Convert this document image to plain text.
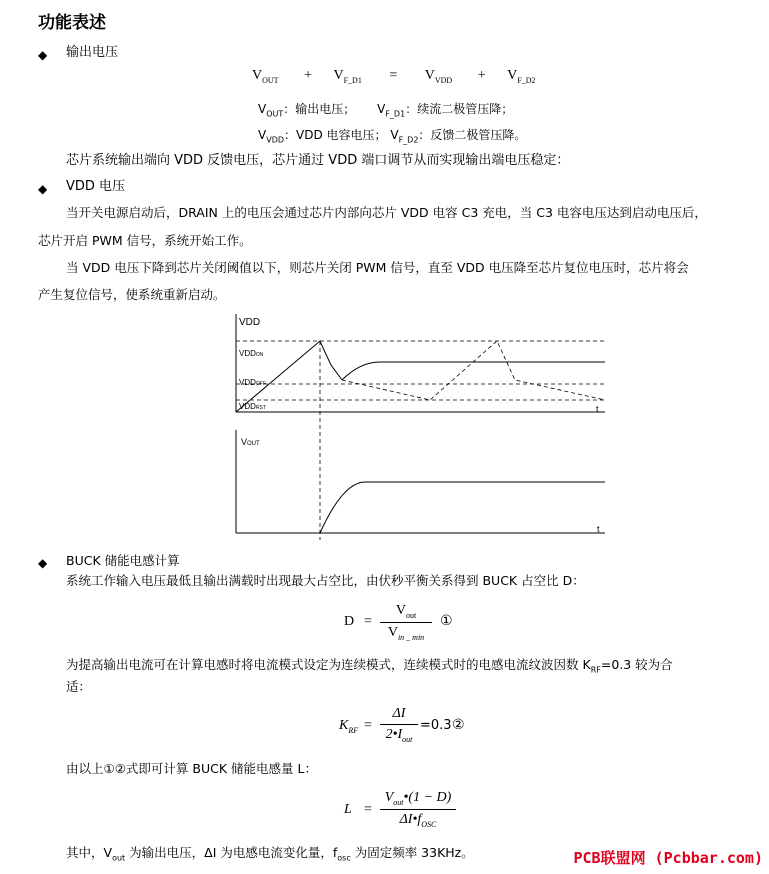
功能表述
◆ 输出电压
$V_{OUT} + V_{F\_D1} = V_{VDD} + V_{F\_D2}$
$V_{OUT}$：输出电压； $V_{F\_D1}$：续流二极管压降；
$V_{VDD}$：VDD 电容电压； $V_{F\_D2}$：反馈二极管压降。
芯片系统输出端向 VDD 反馈电压，芯片通过 VDD 端口调节从而实现输出端电压稳定：
◆ VDD 电压
当开关电源启动后，DRAIN 上的电压会通过芯片内部向芯片 VDD 电容 C3 充电，当 C3 电容电压达到启动电压后，
芯片开启 PWM 信号，系统开始工作。
当 VDD 电压下降到芯片关闭阈值以下，则芯片关闭 PWM 信号，直至 VDD 电压降至芯片复位电压时，芯片将会
产生复位信号，使系统重新启动。
VDD
VDDON
VDDOFF
VDDRST	t
VOUT
t
◆ BUCK 储能电感计算
系统工作输入电压最低且输出满载时出现最大占空比，由伏秒平衡关系得到 BUCK 占空比 D：
D =
$V_{out}$
$V_{in \_ min}$
①
为提高输出电流可在计算电感时将电流模式设定为连续模式，连续模式时的电感电流纹波因数 $K_{RF}=0.3$ 较为合
适：
$K_{RF}$ =
ΔI
$2•I_{out}$
=0.3 ②
由以上①②式即可计算 BUCK 储能电感量 L：
L =
$V_{out}•(1 - D)$
$\Delta I•f_{OSC}$
其中，$V_{out}$ 为输出电压，ΔI 为电感电流变化量，$f_{osc}$ 为固定频率 33KHz。	PCB联盟网 (Pcbbar.com)
